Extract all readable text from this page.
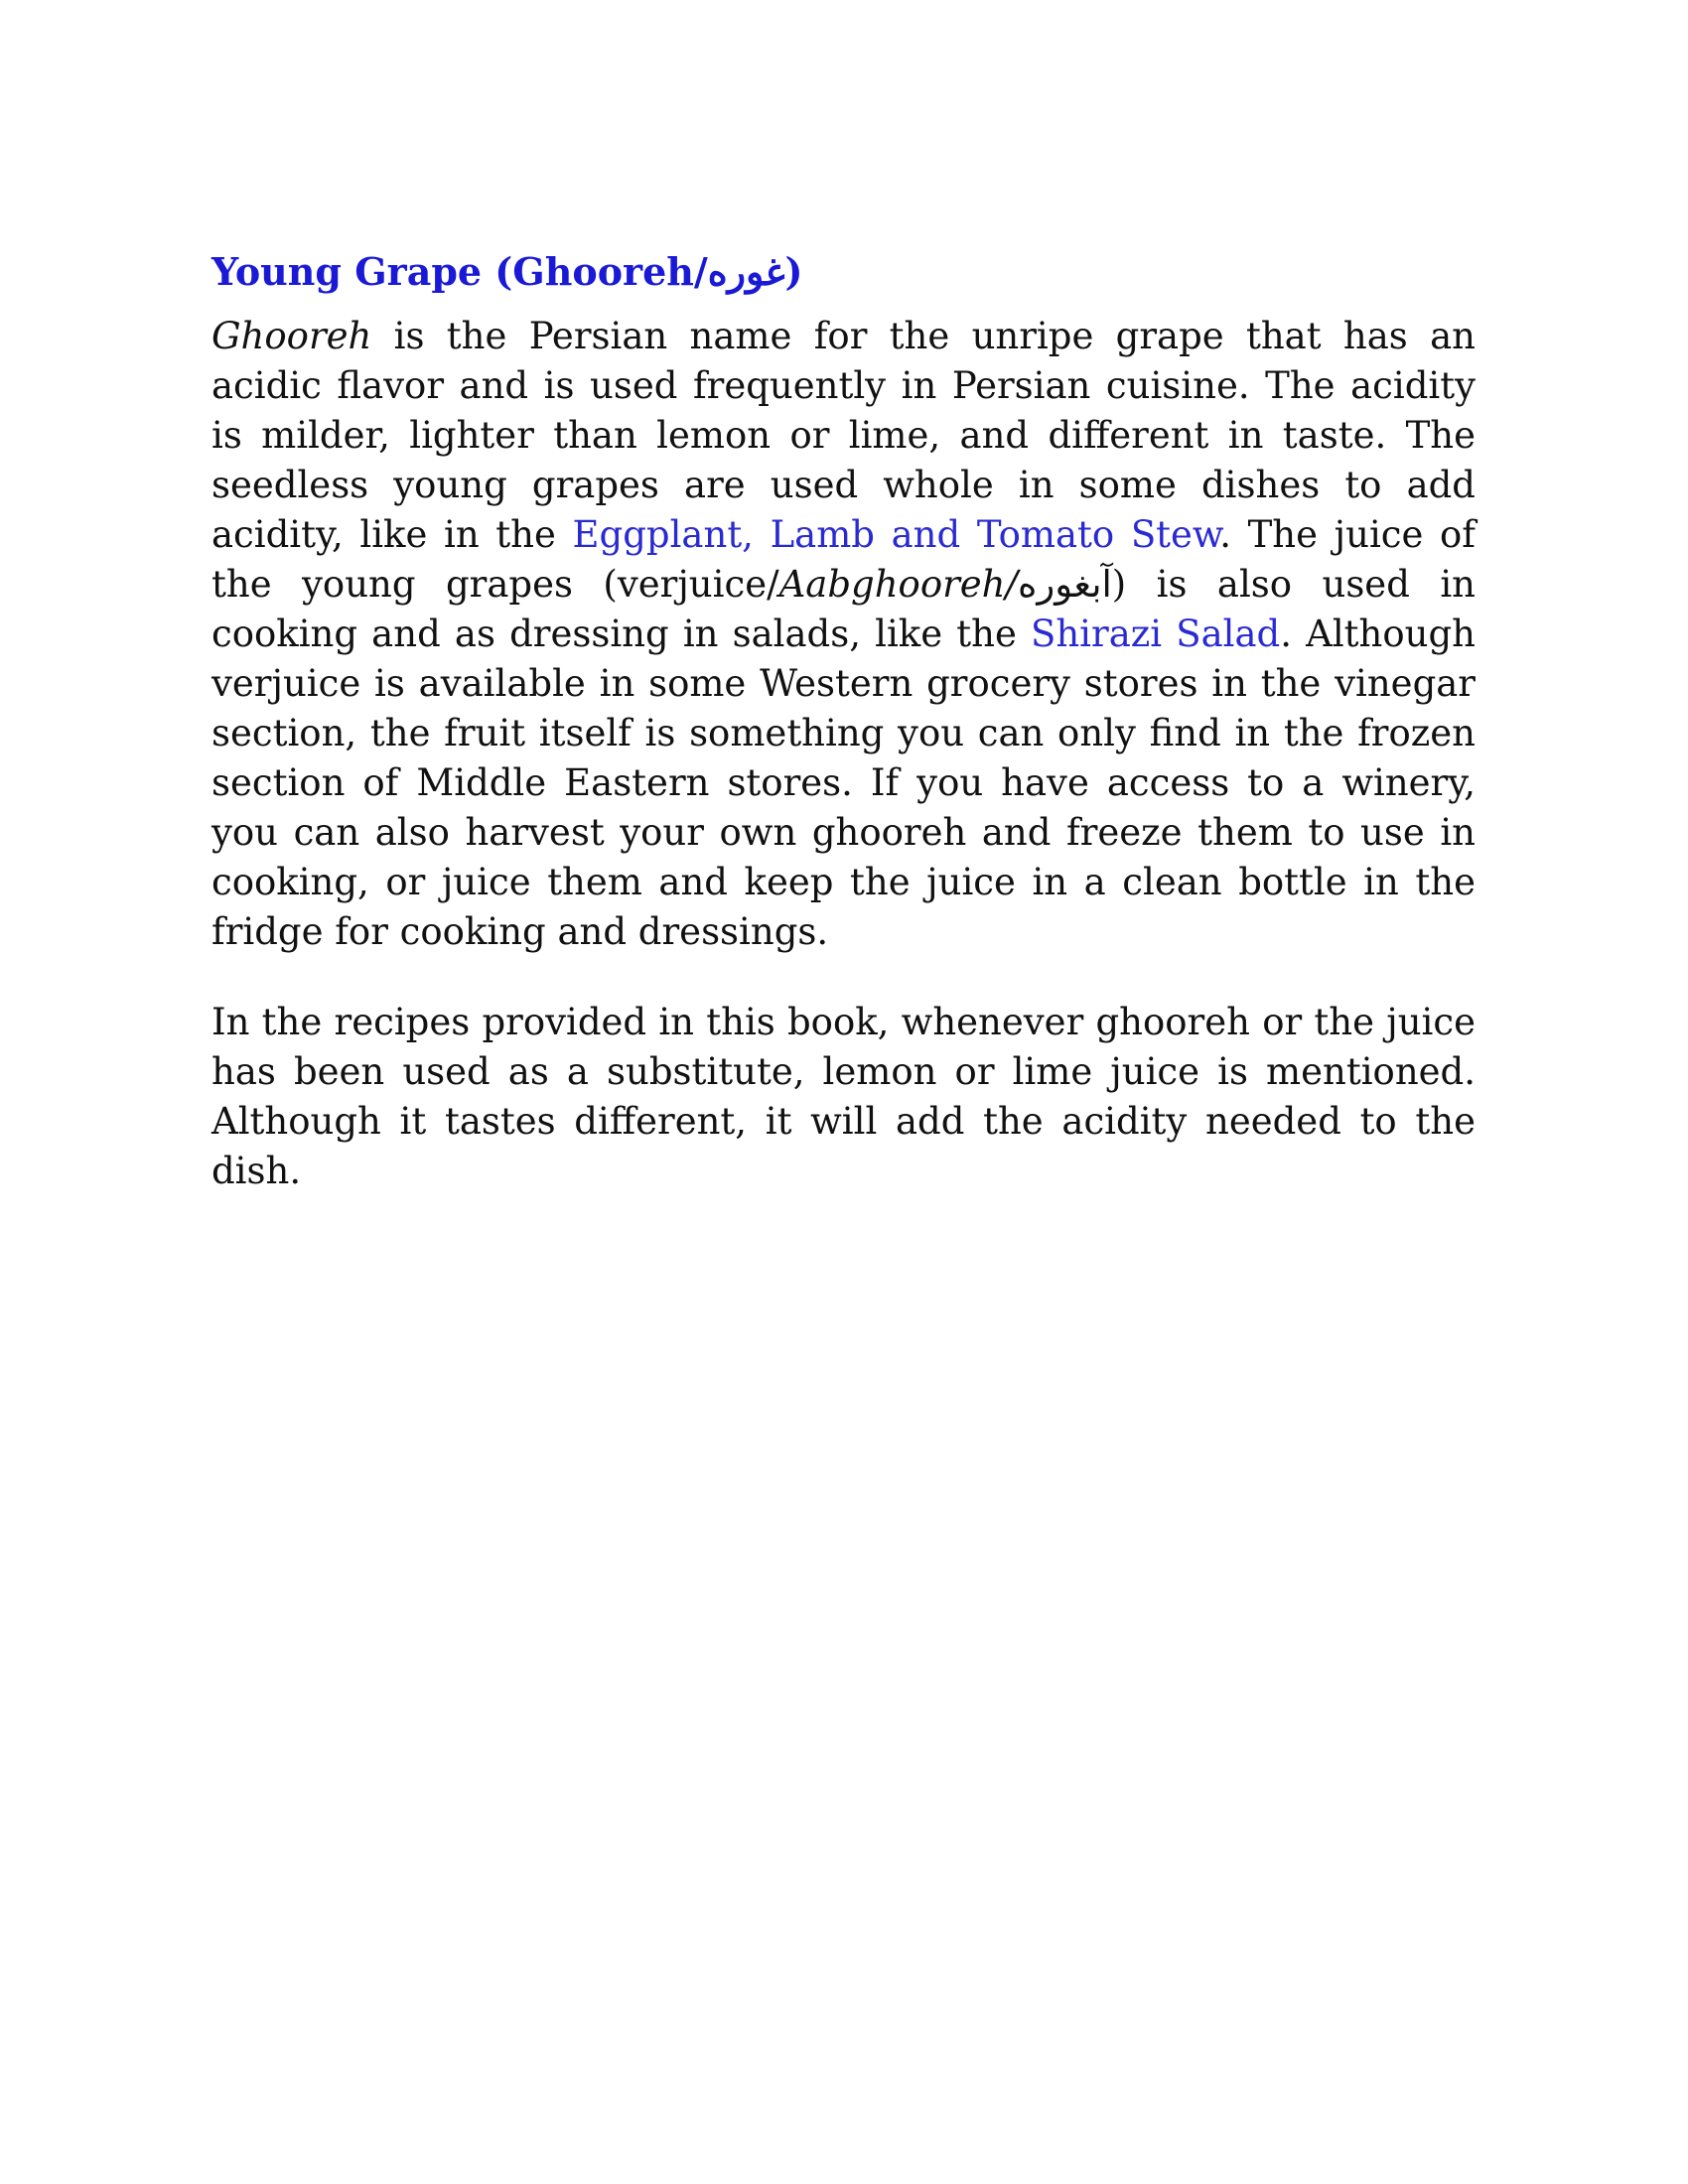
Young Grape (Ghooreh/غوره)

Ghooreh is the Persian name for the unripe grape that has an acidic flavor and is used frequently in Persian cuisine. The acidity is milder, lighter than lemon or lime, and different in taste. The seedless young grapes are used whole in some dishes to add acidity, like in the Eggplant, Lamb and Tomato Stew. The juice of the young grapes (verjuice/Aabghooreh/آبغوره) is also used in cooking and as dressing in salads, like the Shirazi Salad. Although verjuice is available in some Western grocery stores in the vinegar section, the fruit itself is something you can only find in the frozen section of Middle Eastern stores. If you have access to a winery, you can also harvest your own ghooreh and freeze them to use in cooking, or juice them and keep the juice in a clean bottle in the fridge for cooking and dressings.

In the recipes provided in this book, whenever ghooreh or the juice has been used as a substitute, lemon or lime juice is mentioned. Although it tastes different, it will add the acidity needed to the dish.
